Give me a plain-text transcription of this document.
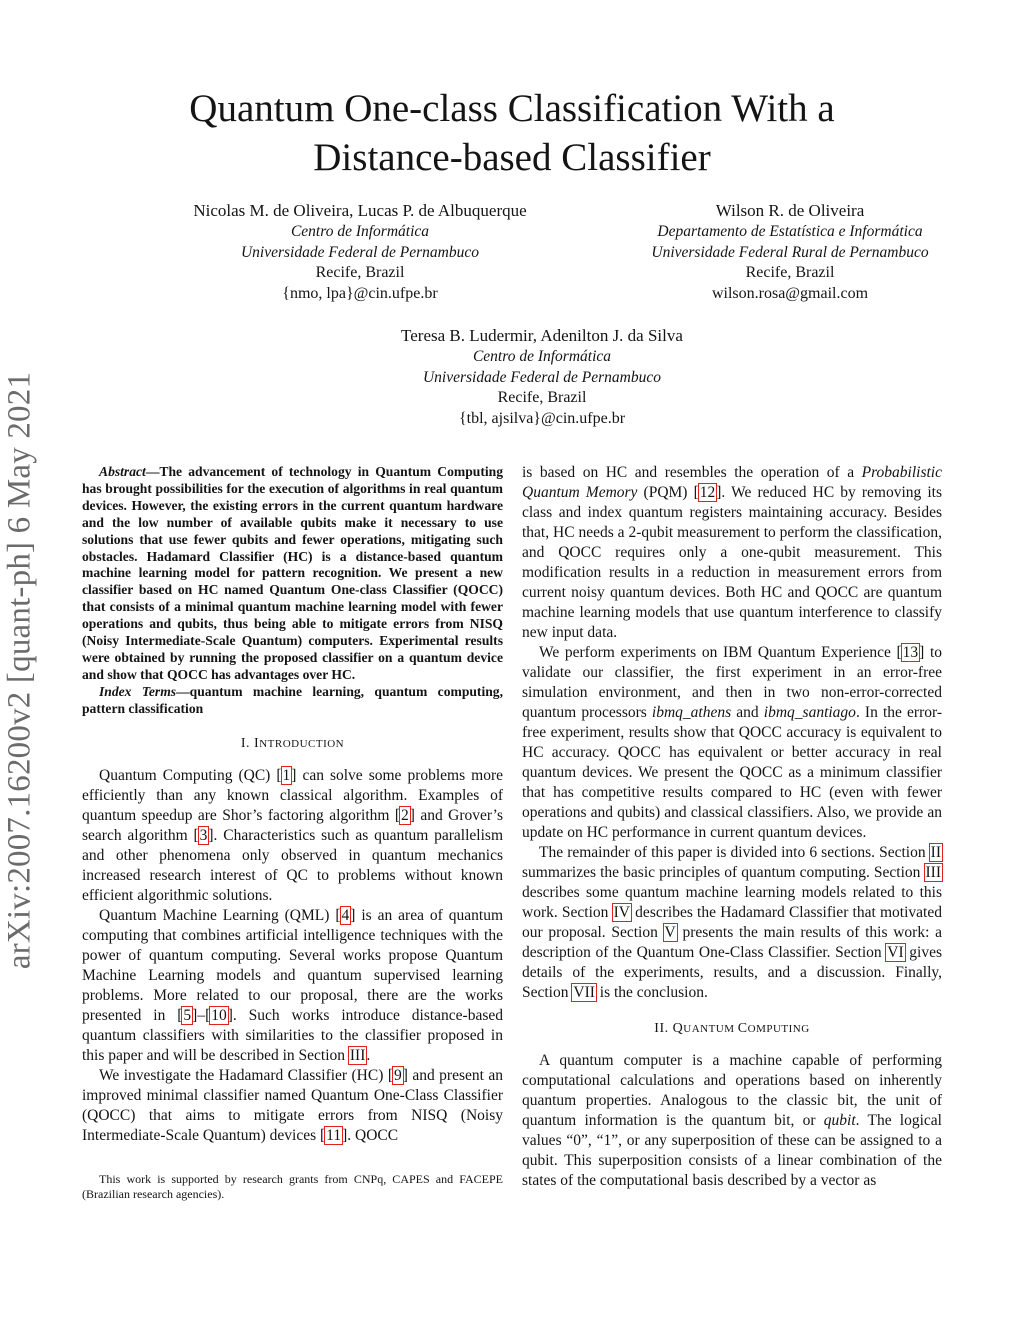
arXiv:2007.16200v2 [quant-ph] 6 May 2021
Quantum One-class Classification With a
Distance-based Classifier
Nicolas M. de Oliveira, Lucas P. de Albuquerque
Centro de Informática
Universidade Federal de Pernambuco
Recife, Brazil
{nmo, lpa}@cin.ufpe.br
Wilson R. de Oliveira
Departamento de Estatística e Informática
Universidade Federal Rural de Pernambuco
Recife, Brazil
wilson.rosa@gmail.com
Teresa B. Ludermir, Adenilton J. da Silva
Centro de Informática
Universidade Federal de Pernambuco
Recife, Brazil
{tbl, ajsilva}@cin.ufpe.br

Abstract—The advancement of technology in Quantum Computing has brought possibilities for the execution of algorithms in real quantum devices. However, the existing errors in the current quantum hardware and the low number of available qubits make it necessary to use solutions that use fewer qubits and fewer operations, mitigating such obstacles. Hadamard Classifier (HC) is a distance-based quantum machine learning model for pattern recognition. We present a new classifier based on HC named Quantum One-class Classifier (QOCC) that consists of a minimal quantum machine learning model with fewer operations and qubits, thus being able to mitigate errors from NISQ (Noisy Intermediate-Scale Quantum) computers. Experimental results were obtained by running the proposed classifier on a quantum device and show that QOCC has advantages over HC.

Index Terms—quantum machine learning, quantum computing, pattern classification

I. INTRODUCTION

Quantum Computing (QC) [1] can solve some problems more efficiently than any known classical algorithm. Examples of quantum speedup are Shor’s factoring algorithm [2] and Grover’s search algorithm [3]. Characteristics such as quantum parallelism and other phenomena only observed in quantum mechanics increased research interest of QC to problems without known efficient algorithmic solutions.

Quantum Machine Learning (QML) [4] is an area of quantum computing that combines artificial intelligence techniques with the power of quantum computing. Several works propose Quantum Machine Learning models and quantum supervised learning problems. More related to our proposal, there are the works presented in [5]–[10]. Such works introduce distance-based quantum classifiers with similarities to the classifier proposed in this paper and will be described in Section III.

We investigate the Hadamard Classifier (HC) [9] and present an improved minimal classifier named Quantum One-Class Classifier (QOCC) that aims to mitigate errors from NISQ (Noisy Intermediate-Scale Quantum) devices [11]. QOCC

This work is supported by research grants from CNPq, CAPES and FACEPE (Brazilian research agencies).

is based on HC and resembles the operation of a Probabilistic Quantum Memory (PQM) [12]. We reduced HC by removing its class and index quantum registers maintaining accuracy. Besides that, HC needs a 2-qubit measurement to perform the classification, and QOCC requires only a one-qubit measurement. This modification results in a reduction in measurement errors from current noisy quantum devices. Both HC and QOCC are quantum machine learning models that use quantum interference to classify new input data.

We perform experiments on IBM Quantum Experience [13] to validate our classifier, the first experiment in an error-free simulation environment, and then in two non-error-corrected quantum processors ibmq_athens and ibmq_santiago. In the error-free experiment, results show that QOCC accuracy is equivalent to HC accuracy. QOCC has equivalent or better accuracy in real quantum devices. We present the QOCC as a minimum classifier that has competitive results compared to HC (even with fewer operations and qubits) and classical classifiers. Also, we provide an update on HC performance in current quantum devices.

The remainder of this paper is divided into 6 sections. Section II summarizes the basic principles of quantum computing. Section III describes some quantum machine learning models related to this work. Section IV describes the Hadamard Classifier that motivated our proposal. Section V presents the main results of this work: a description of the Quantum One-Class Classifier. Section VI gives details of the experiments, results, and a discussion. Finally, Section VII is the conclusion.

II. QUANTUM COMPUTING

A quantum computer is a machine capable of performing computational calculations and operations based on inherently quantum properties. Analogous to the classic bit, the unit of quantum information is the quantum bit, or qubit. The logical values “0”, “1”, or any superposition of these can be assigned to a qubit. This superposition consists of a linear combination of the states of the computational basis described by a vector as
